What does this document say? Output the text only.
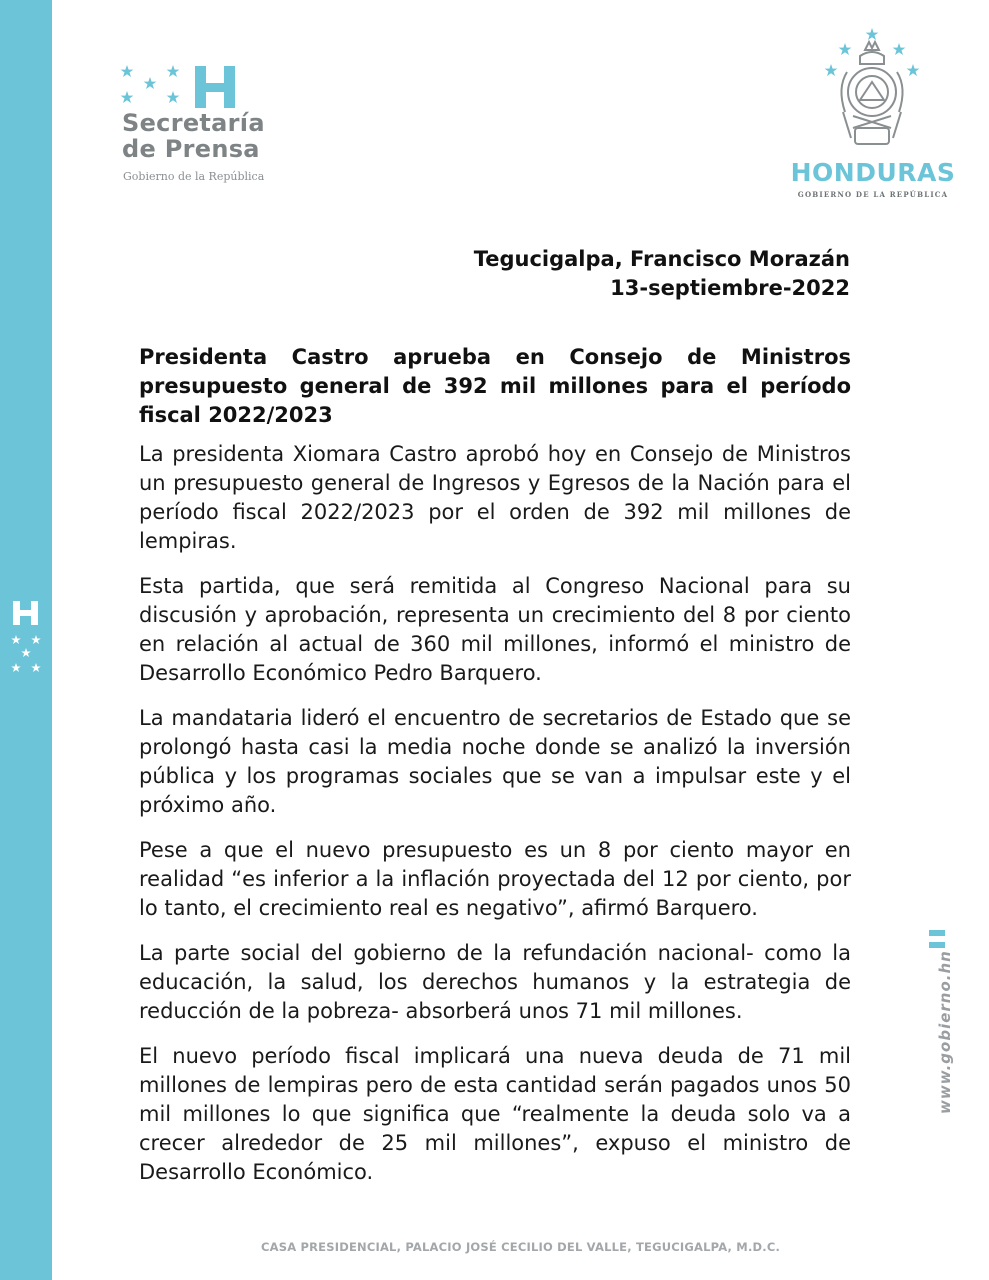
Secretaría
de Prensa
Gobierno de la República	HONDURAS
GOBIERNO DE LA REPÚBLICA
Tegucigalpa, Francisco Morazán
13-septiembre-2022
Presidenta Castro aprueba en Consejo de Ministros presupuesto general de 392 mil millones para el período fiscal 2022/2023

La presidenta Xiomara Castro aprobó hoy en Consejo de Ministros un presupuesto general de Ingresos y Egresos de la Nación para el período fiscal 2022/2023 por el orden de 392 mil millones de lempiras.

Esta partida, que será remitida al Congreso Nacional para su discusión y aprobación, representa un crecimiento del 8 por ciento en relación al actual de 360 mil millones, informó el ministro de Desarrollo Económico Pedro Barquero.

La mandataria lideró el encuentro de secretarios de Estado que se prolongó hasta casi la media noche donde se analizó la inversión pública y los programas sociales que se van a impulsar este y el próximo año.

Pese a que el nuevo presupuesto es un 8 por ciento mayor en realidad “es inferior a la inflación proyectada del 12 por ciento, por lo tanto, el crecimiento real es negativo”, afirmó Barquero.

La parte social del gobierno de la refundación nacional- como la educación, la salud, los derechos humanos y la estrategia de reducción de la pobreza- absorberá unos 71 mil millones.

El nuevo período fiscal implicará una nueva deuda de 71 mil millones de lempiras pero de esta cantidad serán pagados unos 50 mil millones lo que significa que “realmente la deuda solo va a crecer alrededor de 25 mil millones”, expuso el ministro de Desarrollo Económico.

www.gobierno.hn
CASA PRESIDENCIAL, PALACIO JOSÉ CECILIO DEL VALLE, TEGUCIGALPA, M.D.C.
